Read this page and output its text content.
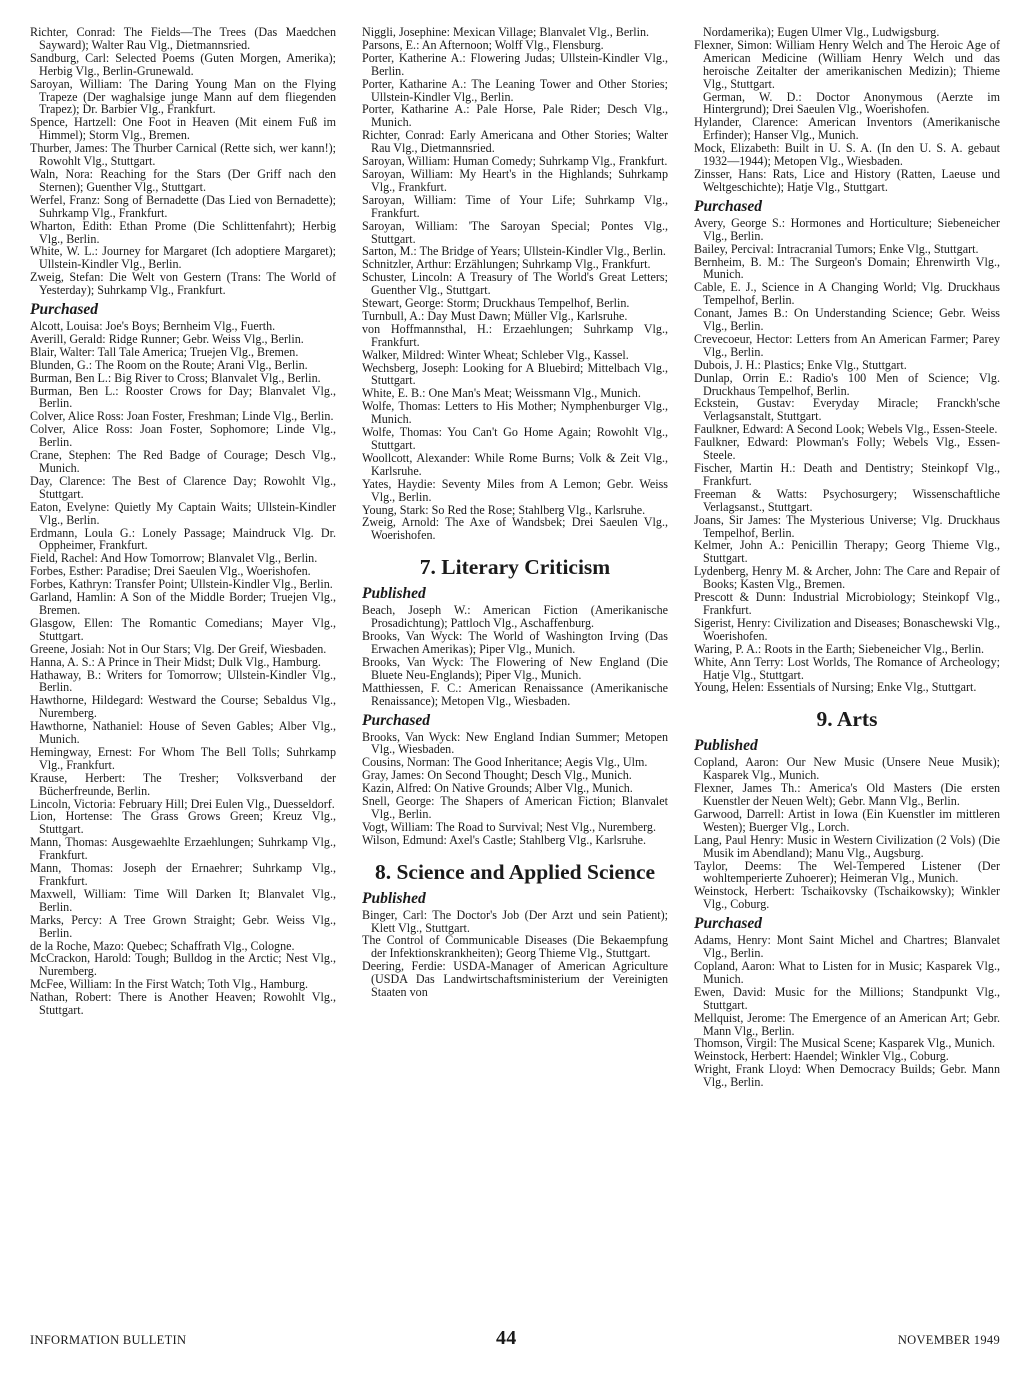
Richter, Conrad: The Fields—The Trees (Das Maedchen Sayward); Walter Rau Vlg., Dietmannsried.

Sandburg, Carl: Selected Poems (Guten Morgen, Amerika); Herbig Vlg., Berlin-Grunewald.

Saroyan, William: The Daring Young Man on the Flying Trapeze (Der waghalsige junge Mann auf dem fliegenden Trapez); Dr. Barbier Vlg., Frankfurt.

Spence, Hartzell: One Foot in Heaven (Mit einem Fuß im Himmel); Storm Vlg., Bremen.

Thurber, James: The Thurber Carnical (Rette sich, wer kann!); Rowohlt Vlg., Stuttgart.

Waln, Nora: Reaching for the Stars (Der Griff nach den Sternen); Guenther Vlg., Stuttgart.

Werfel, Franz: Song of Bernadette (Das Lied von Bernadette); Suhrkamp Vlg., Frankfurt.

Wharton, Edith: Ethan Prome (Die Schlittenfahrt); Herbig Vlg., Berlin.

White, W. L.: Journey for Margaret (Ich adoptiere Margaret); Ullstein-Kindler Vlg., Berlin.

Zweig, Stefan: Die Welt von Gestern (Trans: The World of Yesterday); Suhrkamp Vlg., Frankfurt.

Purchased

Alcott, Louisa: Joe's Boys; Bernheim Vlg., Fuerth.

Averill, Gerald: Ridge Runner; Gebr. Weiss Vlg., Berlin.

Blair, Walter: Tall Tale America; Truejen Vlg., Bremen.

Blunden, G.: The Room on the Route; Arani Vlg., Berlin.

Burman, Ben L.: Big River to Cross; Blanvalet Vlg., Berlin.

Burman, Ben L.: Rooster Crows for Day; Blanvalet Vlg., Berlin.

Colver, Alice Ross: Joan Foster, Freshman; Linde Vlg., Berlin.

Colver, Alice Ross: Joan Foster, Sophomore; Linde Vlg., Berlin.

Crane, Stephen: The Red Badge of Courage; Desch Vlg., Munich.

Day, Clarence: The Best of Clarence Day; Rowohlt Vlg., Stuttgart.

Eaton, Evelyne: Quietly My Captain Waits; Ullstein-Kindler Vlg., Berlin.

Erdmann, Loula G.: Lonely Passage; Maindruck Vlg. Dr. Oppheimer, Frankfurt.

Field, Rachel: And How Tomorrow; Blanvalet Vlg., Berlin.

Forbes, Esther: Paradise; Drei Saeulen Vlg., Woerishofen.

Forbes, Kathryn: Transfer Point; Ullstein-Kindler Vlg., Berlin.

Garland, Hamlin: A Son of the Middle Border; Truejen Vlg., Bremen.

Glasgow, Ellen: The Romantic Comedians; Mayer Vlg., Stuttgart.

Greene, Josiah: Not in Our Stars; Vlg. Der Greif, Wiesbaden.

Hanna, A. S.: A Prince in Their Midst; Dulk Vlg., Hamburg.

Hathaway, B.: Writers for Tomorrow; Ullstein-Kindler Vlg., Berlin.

Hawthorne, Hildegard: Westward the Course; Sebaldus Vlg., Nuremberg.

Hawthorne, Nathaniel: House of Seven Gables; Alber Vlg., Munich.

Hemingway, Ernest: For Whom The Bell Tolls; Suhrkamp Vlg., Frankfurt.

Krause, Herbert: The Tresher; Volksverband der Bücherfreunde, Berlin.

Lincoln, Victoria: February Hill; Drei Eulen Vlg., Duesseldorf.

Lion, Hortense: The Grass Grows Green; Kreuz Vlg., Stuttgart.

Mann, Thomas: Ausgewaehlte Erzaehlungen; Suhrkamp Vlg., Frankfurt.

Mann, Thomas: Joseph der Ernaehrer; Suhrkamp Vlg., Frankfurt.

Maxwell, William: Time Will Darken It; Blanvalet Vlg., Berlin.

Marks, Percy: A Tree Grown Straight; Gebr. Weiss Vlg., Berlin.

de la Roche, Mazo: Quebec; Schaffrath Vlg., Cologne.

McCrackon, Harold: Tough; Bulldog in the Arctic; Nest Vlg., Nuremberg.

McFee, William: In the First Watch; Toth Vlg., Hamburg.

Nathan, Robert: There is Another Heaven; Rowohlt Vlg., Stuttgart.

Niggli, Josephine: Mexican Village; Blanvalet Vlg., Berlin.

Parsons, E.: An Afternoon; Wolff Vlg., Flensburg.

Porter, Katherine A.: Flowering Judas; Ullstein-Kindler Vlg., Berlin.

Porter, Katharine A.: The Leaning Tower and Other Stories; Ullstein-Kindler Vlg., Berlin.

Porter, Katharine A.: Pale Horse, Pale Rider; Desch Vlg., Munich.

Richter, Conrad: Early Americana and Other Stories; Walter Rau Vlg., Dietmannsried.

Saroyan, William: Human Comedy; Suhrkamp Vlg., Frankfurt.

Saroyan, William: My Heart's in the Highlands; Suhrkamp Vlg., Frankfurt.

Saroyan, William: Time of Your Life; Suhrkamp Vlg., Frankfurt.

Saroyan, William: 'The Saroyan Special; Pontes Vlg., Stuttgart.

Sarton, M.: The Bridge of Years; Ullstein-Kindler Vlg., Berlin.

Schnitzler, Arthur: Erzählungen; Suhrkamp Vlg., Frankfurt.

Schuster, Lincoln: A Treasury of The World's Great Letters; Guenther Vlg., Stuttgart.

Stewart, George: Storm; Druckhaus Tempelhof, Berlin.

Turnbull, A.: Day Must Dawn; Müller Vlg., Karlsruhe.

von Hoffmannsthal, H.: Erzaehlungen; Suhrkamp Vlg., Frankfurt.

Walker, Mildred: Winter Wheat; Schleber Vlg., Kassel.

Wechsberg, Joseph: Looking for A Bluebird; Mittelbach Vlg., Stuttgart.

White, E. B.: One Man's Meat; Weissmann Vlg., Munich.

Wolfe, Thomas: Letters to His Mother; Nymphenburger Vlg., Munich.

Wolfe, Thomas: You Can't Go Home Again; Rowohlt Vlg., Stuttgart.

Woollcott, Alexander: While Rome Burns; Volk & Zeit Vlg., Karlsruhe.

Yates, Haydie: Seventy Miles from A Lemon; Gebr. Weiss Vlg., Berlin.

Young, Stark: So Red the Rose; Stahlberg Vlg., Karlsruhe.

Zweig, Arnold: The Axe of Wandsbek; Drei Saeulen Vlg., Woerishofen.

7. Literary Criticism
Published

Beach, Joseph W.: American Fiction (Amerikanische Prosadichtung); Pattloch Vlg., Aschaffenburg.

Brooks, Van Wyck: The World of Washington Irving (Das Erwachen Amerikas); Piper Vlg., Munich.

Brooks, Van Wyck: The Flowering of New England (Die Bluete Neu-Englands); Piper Vlg., Munich.

Matthiessen, F. C.: American Renaissance (Amerikanische Renaissance); Metopen Vlg., Wiesbaden.

Purchased

Brooks, Van Wyck: New England Indian Summer; Metopen Vlg., Wiesbaden.

Cousins, Norman: The Good Inheritance; Aegis Vlg., Ulm.

Gray, James: On Second Thought; Desch Vlg., Munich.

Kazin, Alfred: On Native Grounds; Alber Vlg., Munich.

Snell, George: The Shapers of American Fiction; Blanvalet Vlg., Berlin.

Vogt, William: The Road to Survival; Nest Vlg., Nuremberg.

Wilson, Edmund: Axel's Castle; Stahlberg Vlg., Karlsruhe.

8. Science and Applied Science
Published

Binger, Carl: The Doctor's Job (Der Arzt und sein Patient); Klett Vlg., Stuttgart.

The Control of Communicable Diseases (Die Bekaempfung der Infektionskrankheiten); Georg Thieme Vlg., Stuttgart.

Deering, Ferdie: USDA-Manager of American Agriculture (USDA Das Landwirtschaftsministerium der Vereinigten Staaten von

Nordamerika); Eugen Ulmer Vlg., Ludwigsburg.

Flexner, Simon: William Henry Welch and The Heroic Age of American Medicine (William Henry Welch und das heroische Zeitalter der amerikanischen Medizin); Thieme Vlg., Stuttgart.

German, W. D.: Doctor Anonymous (Aerzte im Hintergrund); Drei Saeulen Vlg., Woerishofen.

Hylander, Clarence: American Inventors (Amerikanische Erfinder); Hanser Vlg., Munich.

Mock, Elizabeth: Built in U. S. A. (In den U. S. A. gebaut 1932—1944); Metopen Vlg., Wiesbaden.

Zinsser, Hans: Rats, Lice and History (Ratten, Laeuse und Weltgeschichte); Hatje Vlg., Stuttgart.

Purchased

Avery, George S.: Hormones and Horticulture; Siebeneicher Vlg., Berlin.

Bailey, Percival: Intracranial Tumors; Enke Vlg., Stuttgart.

Bernheim, B. M.: The Surgeon's Domain; Ehrenwirth Vlg., Munich.

Cable, E. J., Science in A Changing World; Vlg. Druckhaus Tempelhof, Berlin.

Conant, James B.: On Understanding Science; Gebr. Weiss Vlg., Berlin.

Crevecoeur, Hector: Letters from An American Farmer; Parey Vlg., Berlin.

Dubois, J. H.: Plastics; Enke Vlg., Stuttgart.

Dunlap, Orrin E.: Radio's 100 Men of Science; Vlg. Druckhaus Tempelhof, Berlin.

Eckstein, Gustav: Everyday Miracle; Franckh'sche Verlagsanstalt, Stuttgart.

Faulkner, Edward: A Second Look; Webels Vlg., Essen-Steele.

Faulkner, Edward: Plowman's Folly; Webels Vlg., Essen-Steele.

Fischer, Martin H.: Death and Dentistry; Steinkopf Vlg., Frankfurt.

Freeman & Watts: Psychosurgery; Wissenschaftliche Verlagsanst., Stuttgart.

Joans, Sir James: The Mysterious Universe; Vlg. Druckhaus Tempelhof, Berlin.

Kelmer, John A.: Penicillin Therapy; Georg Thieme Vlg., Stuttgart.

Lydenberg, Henry M. & Archer, John: The Care and Repair of Books; Kasten Vlg., Bremen.

Prescott & Dunn: Industrial Microbiology; Steinkopf Vlg., Frankfurt.

Sigerist, Henry: Civilization and Diseases; Bonaschewski Vlg., Woerishofen.

Waring, P. A.: Roots in the Earth; Siebeneicher Vlg., Berlin.

White, Ann Terry: Lost Worlds, The Romance of Archeology; Hatje Vlg., Stuttgart.

Young, Helen: Essentials of Nursing; Enke Vlg., Stuttgart.

9. Arts
Published

Copland, Aaron: Our New Music (Unsere Neue Musik); Kasparek Vlg., Munich.

Flexner, James Th.: America's Old Masters (Die ersten Kuenstler der Neuen Welt); Gebr. Mann Vlg., Berlin.

Garwood, Darrell: Artist in Iowa (Ein Kuenstler im mittleren Westen); Buerger Vlg., Lorch.

Lang, Paul Henry: Music in Western Civilization (2 Vols) (Die Musik im Abendland); Manu Vlg., Augsburg.

Taylor, Deems: The Wel-Tempered Listener (Der wohltemperierte Zuhoerer); Heimeran Vlg., Munich.

Weinstock, Herbert: Tschaikovsky (Tschaikowsky); Winkler Vlg., Coburg.

Purchased

Adams, Henry: Mont Saint Michel and Chartres; Blanvalet Vlg., Berlin.

Copland, Aaron: What to Listen for in Music; Kasparek Vlg., Munich.

Ewen, David: Music for the Millions; Standpunkt Vlg., Stuttgart.

Mellquist, Jerome: The Emergence of an American Art; Gebr. Mann Vlg., Berlin.

Thomson, Virgil: The Musical Scene; Kasparek Vlg., Munich.

Weinstock, Herbert: Haendel; Winkler Vlg., Coburg.

Wright, Frank Lloyd: When Democracy Builds; Gebr. Mann Vlg., Berlin.

INFORMATION BULLETIN	44	NOVEMBER 1949
